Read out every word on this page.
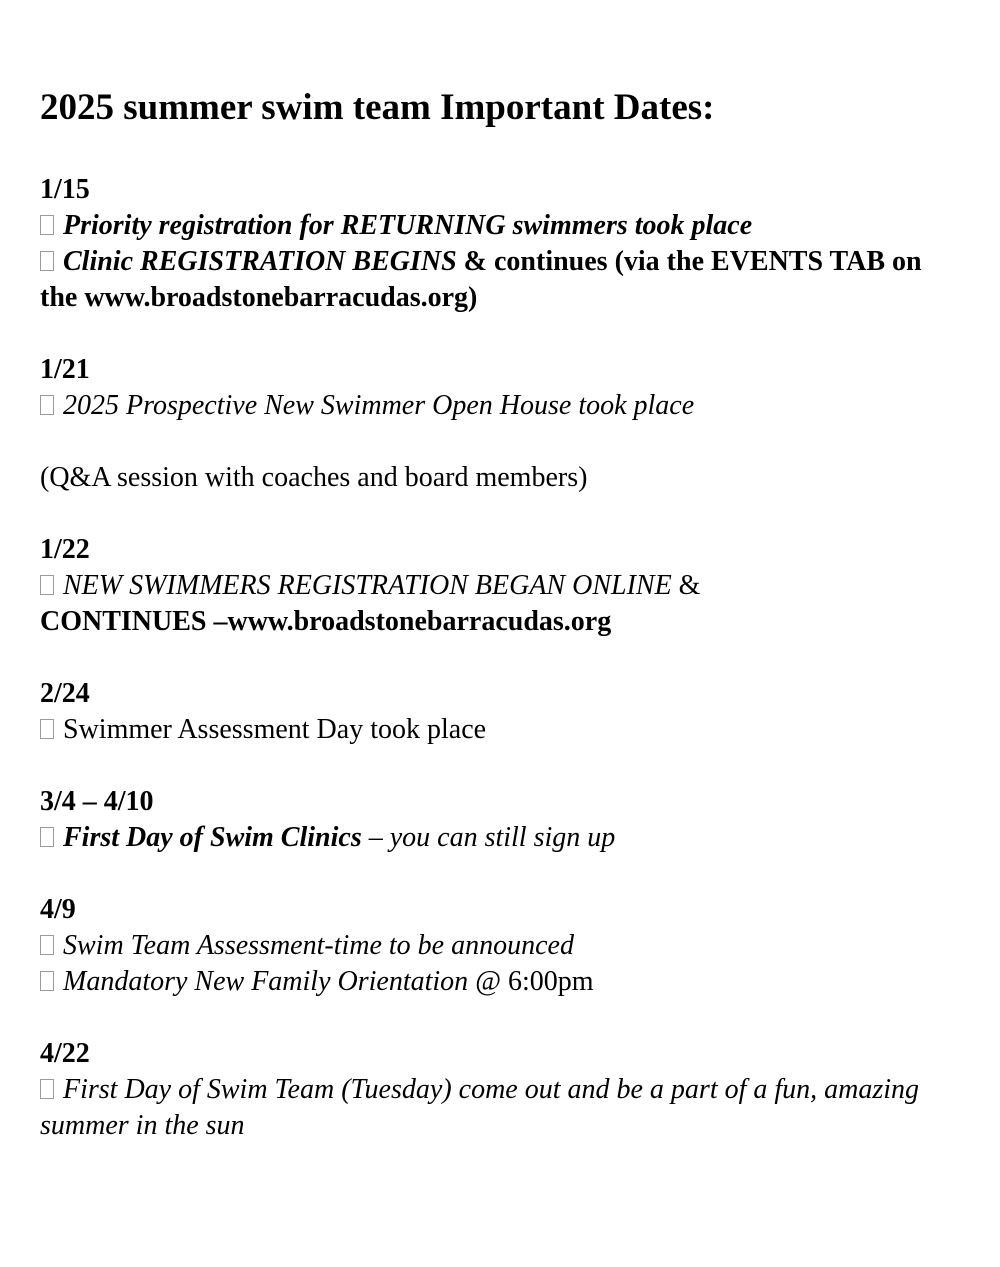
2025 summer swim team Important Dates:
1/15
Priority registration for RETURNING swimmers took place
Clinic REGISTRATION BEGINS & continues (via the EVENTS TAB on the www.broadstonebarracudas.org)
1/21
2025 Prospective New Swimmer Open House took place
(Q&A session with coaches and board members)
1/22
NEW SWIMMERS REGISTRATION BEGAN ONLINE &
CONTINUES –www.broadstonebarracudas.org
2/24
Swimmer Assessment Day took place
3/4 – 4/10
First Day of Swim Clinics – you can still sign up
4/9
Swim Team Assessment-time to be announced
Mandatory New Family Orientation @ 6:00pm
4/22
First Day of Swim Team (Tuesday) come out and be a part of a fun, amazing summer in the sun
